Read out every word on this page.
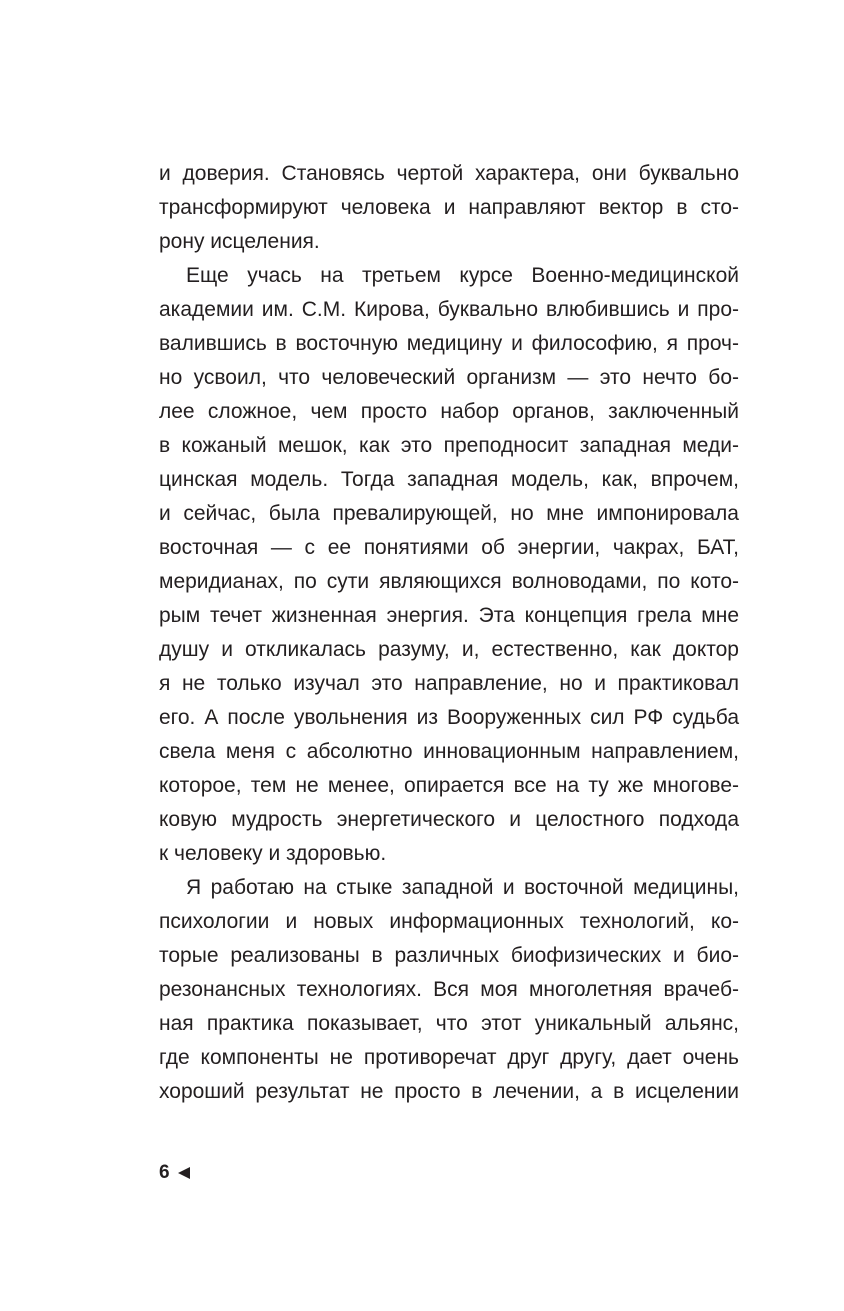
и доверия. Становясь чертой характера, они буквально
трансформируют человека и направляют вектор в сто-
рону исцеления.
Еще учась на третьем курсе Военно-медицинской
академии им. С.М. Кирова, буквально влюбившись и про-
валившись в восточную медицину и философию, я проч-
но усвоил, что человеческий организм — это нечто бо-
лее сложное, чем просто набор органов, заключенный
в кожаный мешок, как это преподносит западная меди-
цинская модель. Тогда западная модель, как, впрочем,
и сейчас, была превалирующей, но мне импонировала
восточная — с ее понятиями об энергии, чакрах, БАТ,
меридианах, по сути являющихся волноводами, по кото-
рым течет жизненная энергия. Эта концепция грела мне
душу и откликалась разуму, и, естественно, как доктор
я не только изучал это направление, но и практиковал
его. А после увольнения из Вооруженных сил РФ судьба
свела меня с абсолютно инновационным направлением,
которое, тем не менее, опирается все на ту же многове-
ковую мудрость энергетического и целостного подхода
к человеку и здоровью.
Я работаю на стыке западной и восточной медицины,
психологии и новых информационных технологий, ко-
торые реализованы в различных биофизических и био-
резонансных технологиях. Вся моя многолетняя врачеб-
ная практика показывает, что этот уникальный альянс,
где компоненты не противоречат друг другу, дает очень
хороший результат не просто в лечении, а в исцелении
6
